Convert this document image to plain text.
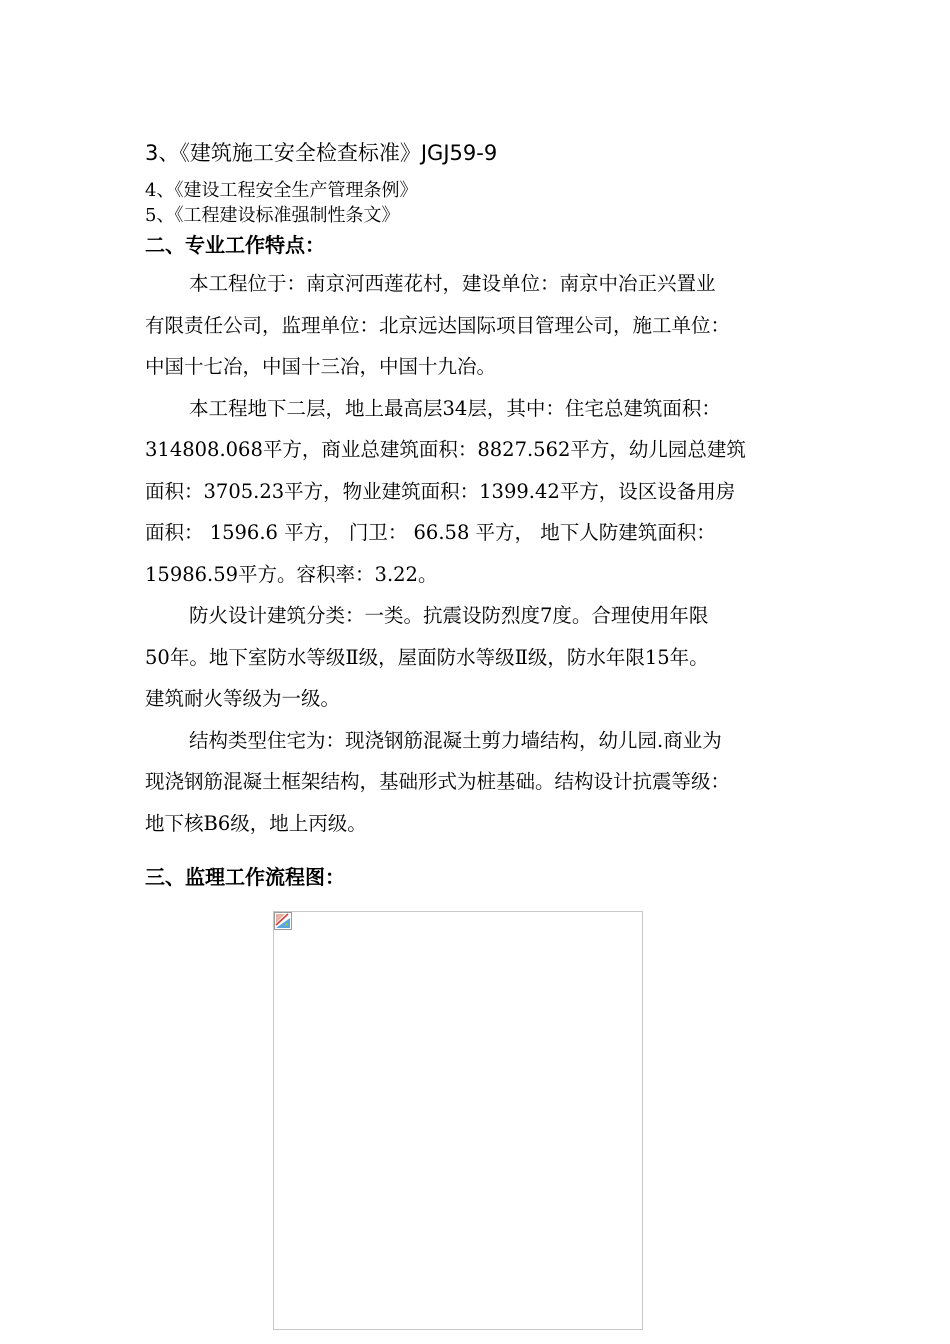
3、《建筑施工安全检查标准》JGJ59-9
4、《建设工程安全生产管理条例》
5、《工程建设标准强制性条文》
二、专业工作特点：
本工程位于：南京河西莲花村，建设单位：南京中冶正兴置业
有限责任公司，监理单位：北京远达国际项目管理公司，施工单位：
中国十七冶，中国十三冶，中国十九冶。
本工程地下二层，地上最高层34层，其中：住宅总建筑面积：
314808.068平方，商业总建筑面积：8827.562平方，幼儿园总建筑
面积：3705.23平方，物业建筑面积：1399.42平方，设区设备用房
面积： 1596.6 平方， 门卫： 66.58 平方， 地下人防建筑面积：
15986.59平方。容积率：3.22。
防火设计建筑分类：一类。抗震设防烈度7度。合理使用年限
50年。地下室防水等级Ⅱ级，屋面防水等级Ⅱ级，防水年限15年。
建筑耐火等级为一级。
结构类型住宅为：现浇钢筋混凝土剪力墙结构，幼儿园.商业为
现浇钢筋混凝土框架结构，基础形式为桩基础。结构设计抗震等级：
地下核B6级，地上丙级。
三、监理工作流程图：
